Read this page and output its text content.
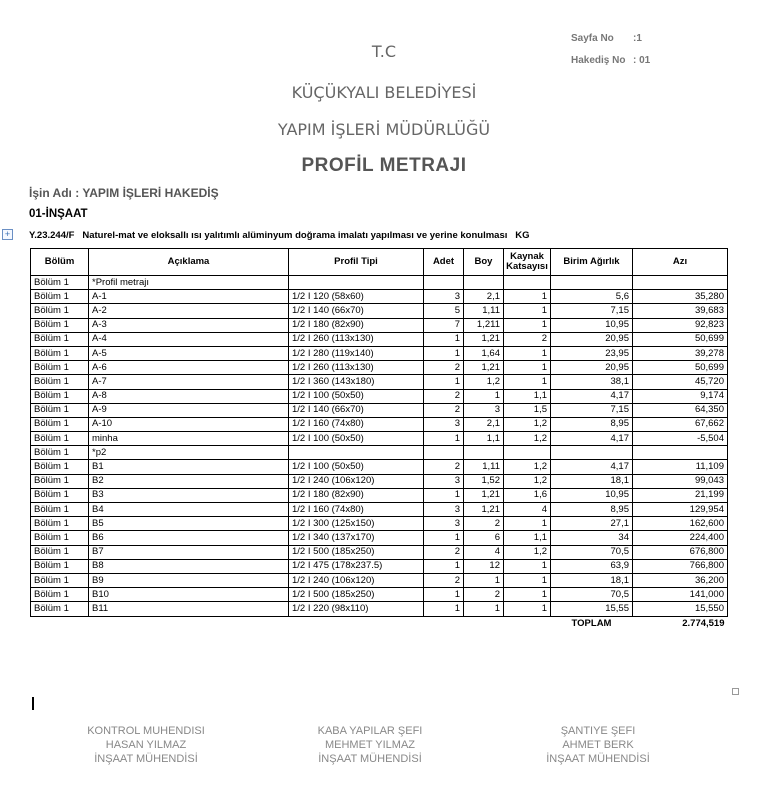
Sayfa No :1
Hakediş No : 01
T.C
KÜÇÜKYALI BELEDİYESİ
YAPIM İŞLERİ MÜDÜRLÜĞÜ
PROFİL METRAJI
İşin Adı : YAPIM İŞLERİ HAKEDİŞ
01-İNŞAAT
Y.23.244/F Naturel-mat ve eloksallı ısı yalıtımlı alüminyum doğrama imalatı yapılması ve yerine konulması KG
+
Bölüm	Açıklama	Profil Tipi	Adet	Boy	Kaynak Katsayısı	Birim Ağırlık	Azı
Bölüm 1	*Profil metrajı						
Bölüm 1	A-1	1/2 I 120 (58x60)	3	2,1	1	5,6	35,280
Bölüm 1	A-2	1/2 I 140 (66x70)	5	1,11	1	7,15	39,683
Bölüm 1	A-3	1/2 I 180 (82x90)	7	1,211	1	10,95	92,823
Bölüm 1	A-4	1/2 I 260 (113x130)	1	1,21	2	20,95	50,699
Bölüm 1	A-5	1/2 I 280 (119x140)	1	1,64	1	23,95	39,278
Bölüm 1	A-6	1/2 I 260 (113x130)	2	1,21	1	20,95	50,699
Bölüm 1	A-7	1/2 I 360 (143x180)	1	1,2	1	38,1	45,720
Bölüm 1	A-8	1/2 I 100 (50x50)	2	1	1,1	4,17	9,174
Bölüm 1	A-9	1/2 I 140 (66x70)	2	3	1,5	7,15	64,350
Bölüm 1	A-10	1/2 I 160 (74x80)	3	2,1	1,2	8,95	67,662
Bölüm 1	minha	1/2 I 100 (50x50)	1	1,1	1,2	4,17	-5,504
Bölüm 1	*p2						
Bölüm 1	B1	1/2 I 100 (50x50)	2	1,11	1,2	4,17	11,109
Bölüm 1	B2	1/2 I 240 (106x120)	3	1,52	1,2	18,1	99,043
Bölüm 1	B3	1/2 I 180 (82x90)	1	1,21	1,6	10,95	21,199
Bölüm 1	B4	1/2 I 160 (74x80)	3	1,21	4	8,95	129,954
Bölüm 1	B5	1/2 I 300 (125x150)	3	2	1	27,1	162,600
Bölüm 1	B6	1/2 I 340 (137x170)	1	6	1,1	34	224,400
Bölüm 1	B7	1/2 I 500 (185x250)	2	4	1,2	70,5	676,800
Bölüm 1	B8	1/2 I 475 (178x237.5)	1	12	1	63,9	766,800
Bölüm 1	B9	1/2 I 240 (106x120)	2	1	1	18,1	36,200
Bölüm 1	B10	1/2 I 500 (185x250)	1	2	1	70,5	141,000
Bölüm 1	B11	1/2 I 220 (98x110)	1	1	1	15,55	15,550
						TOPLAM	2.774,519
KONTROL MUHENDISI
HASAN YILMAZ
İNŞAAT MÜHENDİSİ
KABA YAPILAR ŞEFI
MEHMET YILMAZ
İNŞAAT MÜHENDİSİ
ŞANTIYE ŞEFI
AHMET BERK
İNŞAAT MÜHENDİSİ
